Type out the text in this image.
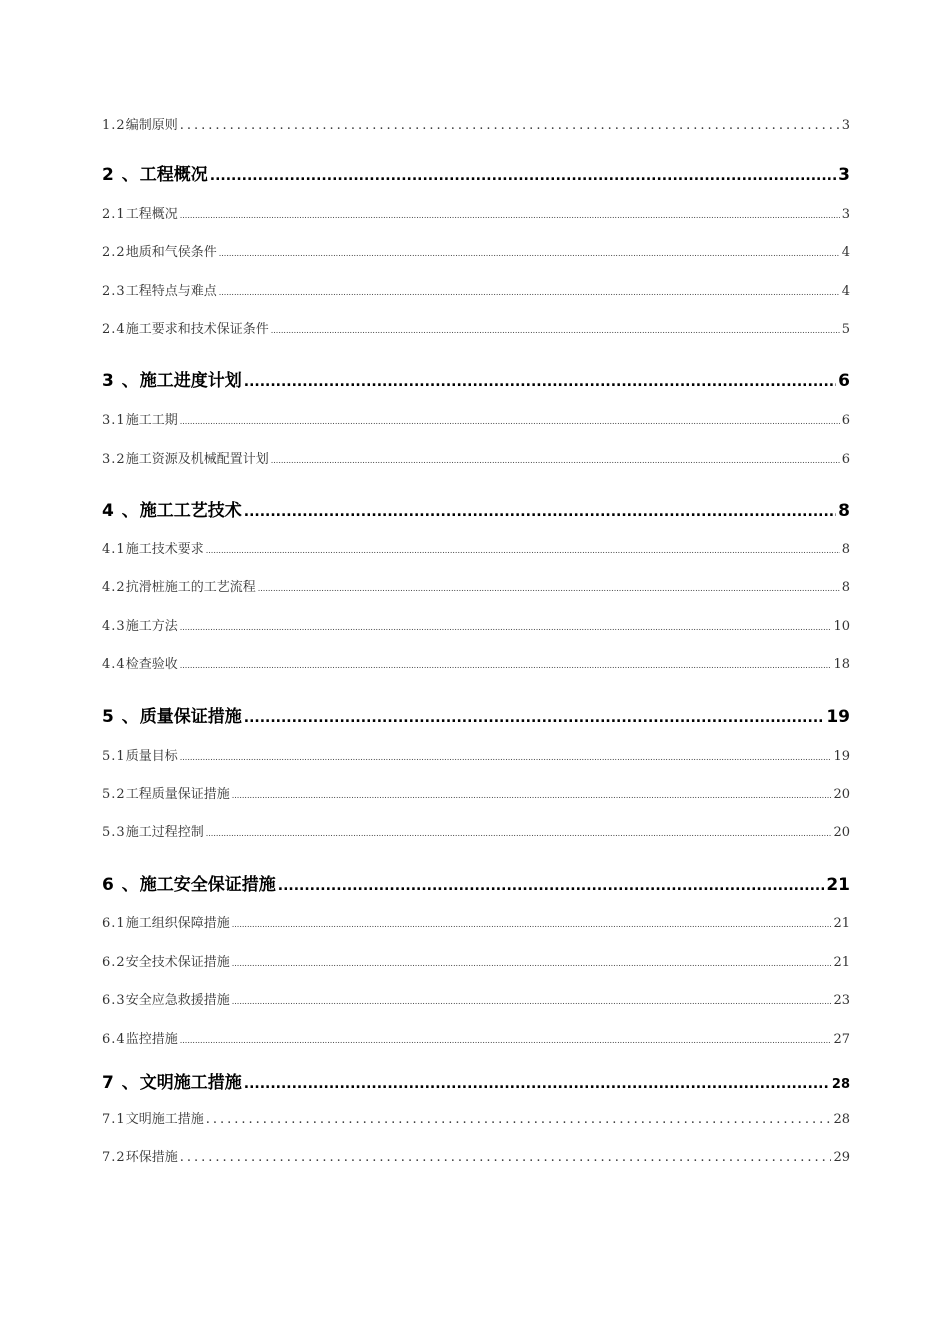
1.2 编制原则 .....	3
2 、 工程概况 .....	3
2.1 工程概况 .....	3
2.2 地质和气侯条件 .....	4
2.3 工程特点与难点 .....	4
2.4 施工要求和技术保证条件 .....	5
3 、 施工进度计划 .....	6
3.1 施工工期 .....	6
3.2 施工资源及机械配置计划 .....	6
4 、 施工工艺技术 .....	8
4.1 施工技术要求 .....	8
4.2 抗滑桩施工的工艺流程 .....	8
4.3 施工方法 .....	10
4.4 检查验收 .....	18
5 、 质量保证措施 .....	19
5.1 质量目标 .....	19
5.2 工程质量保证措施 .....	20
5.3 施工过程控制 .....	20
6 、 施工安全保证措施 .....	21
6.1 施工组织保障措施 .....	21
6.2 安全技术保证措施 .....	21
6.3 安全应急救援措施 .....	23
6.4 监控措施 .....	27
7 、 文明施工措施 .....	28
7.1 文明施工措施 .....	28
7.2 环保措施 .....	29
